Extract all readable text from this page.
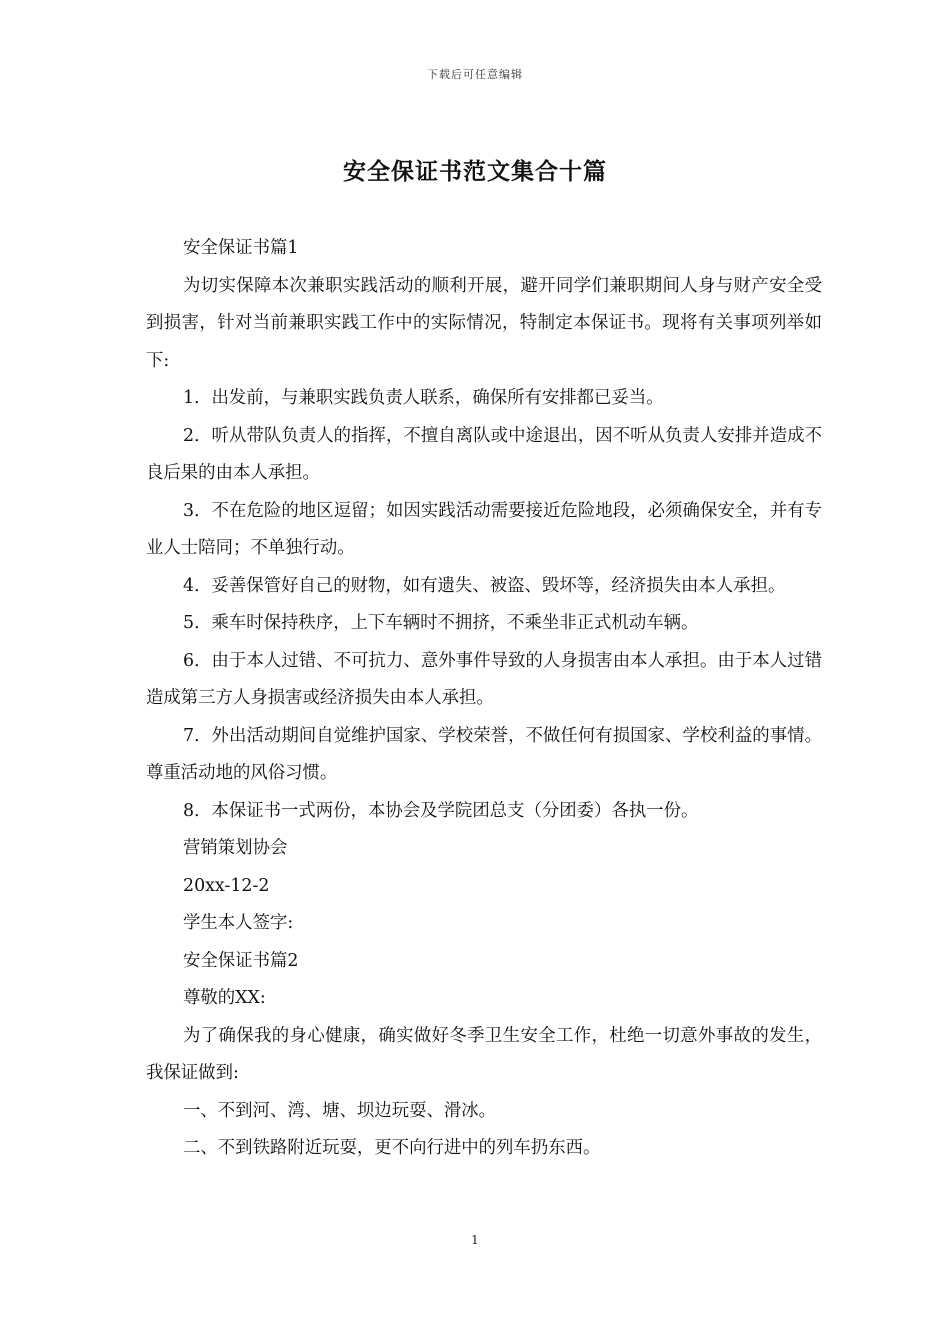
下载后可任意编辑
安全保证书范文集合十篇

安全保证书篇1

为切实保障本次兼职实践活动的顺利开展，避开同学们兼职期间人身与财产安全受到损害，针对当前兼职实践工作中的实际情况，特制定本保证书。现将有关事项列举如下:

1．出发前，与兼职实践负责人联系，确保所有安排都已妥当。

2．听从带队负责人的指挥，不擅自离队或中途退出，因不听从负责人安排并造成不良后果的由本人承担。

3．不在危险的地区逗留；如因实践活动需要接近危险地段，必须确保安全，并有专业人士陪同；不单独行动。

4．妥善保管好自己的财物，如有遗失、被盗、毁坏等，经济损失由本人承担。

5．乘车时保持秩序，上下车辆时不拥挤，不乘坐非正式机动车辆。

6．由于本人过错、不可抗力、意外事件导致的人身损害由本人承担。由于本人过错造成第三方人身损害或经济损失由本人承担。

7．外出活动期间自觉维护国家、学校荣誉，不做任何有损国家、学校利益的事情。尊重活动地的风俗习惯。

8．本保证书一式两份，本协会及学院团总支（分团委）各执一份。

营销策划协会

20xx-12-2

学生本人签字:

安全保证书篇2

尊敬的XX:

为了确保我的身心健康，确实做好冬季卫生安全工作，杜绝一切意外事故的发生，我保证做到:

一、不到河、湾、塘、坝边玩耍、滑冰。

二、不到铁路附近玩耍，更不向行进中的列车扔东西。

1
